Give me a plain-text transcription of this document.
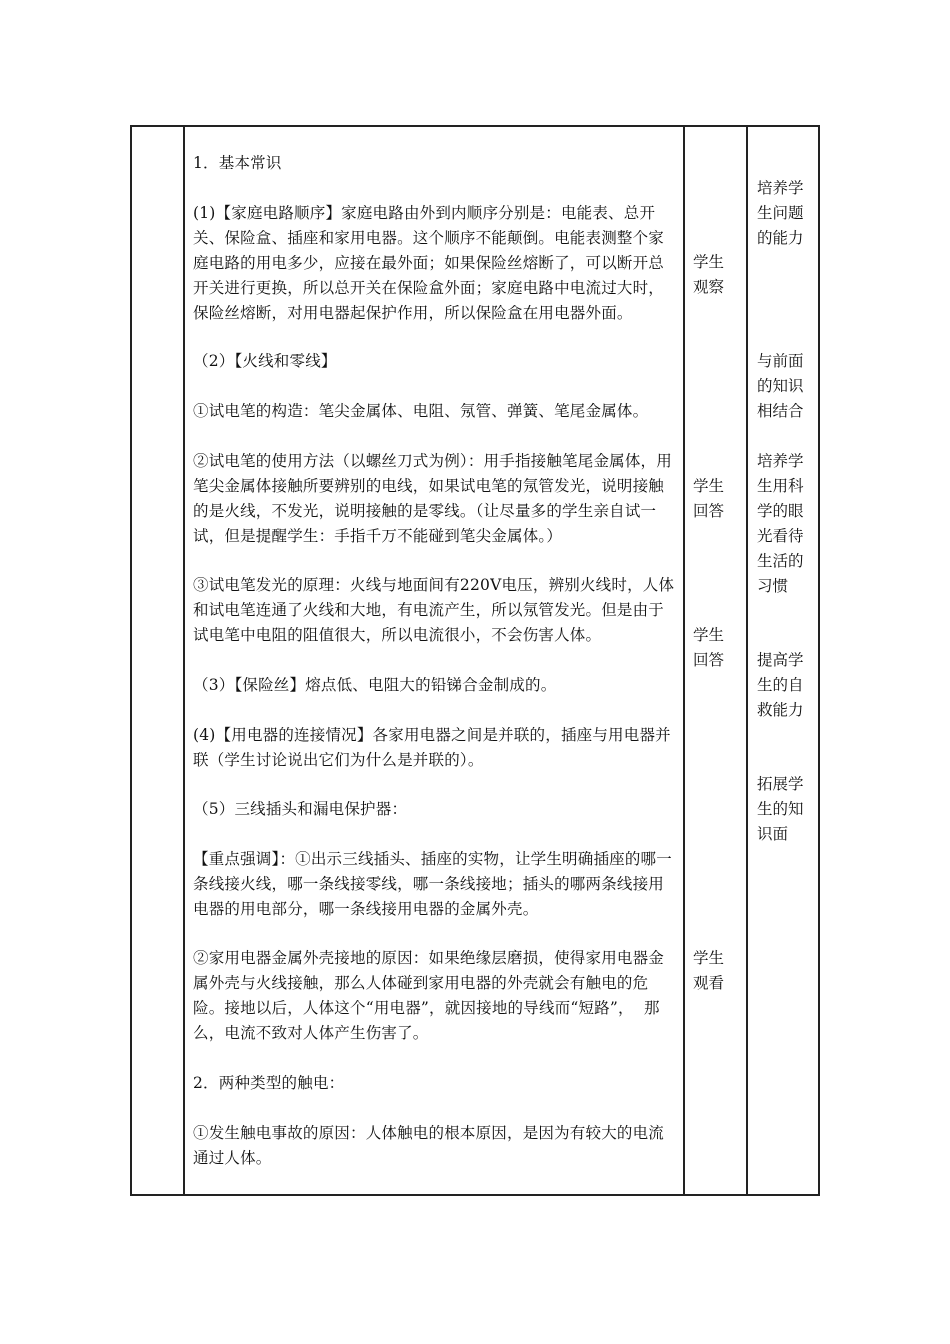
1．基本常识

(1)【家庭电路顺序】家庭电路由外到内顺序分别是：电能表、总开关、保险盒、插座和家用电器。这个顺序不能颠倒。电能表测整个家庭电路的用电多少，应接在最外面；如果保险丝熔断了，可以断开总开关进行更换，所以总开关在保险盒外面；家庭电路中电流过大时，保险丝熔断，对用电器起保护作用，所以保险盒在用电器外面。

（2）【火线和零线】

①试电笔的构造：笔尖金属体、电阻、氖管、弹簧、笔尾金属体。

②试电笔的使用方法（以螺丝刀式为例）：用手指接触笔尾金属体，用笔尖金属体接触所要辨别的电线，如果试电笔的氖管发光，说明接触的是火线，不发光，说明接触的是零线。（让尽量多的学生亲自试一试，但是提醒学生：手指千万不能碰到笔尖金属体。）

③试电笔发光的原理：火线与地面间有220V电压，辨别火线时，人体和试电笔连通了火线和大地，有电流产生，所以氖管发光。但是由于试电笔中电阻的阻值很大，所以电流很小，不会伤害人体。

（3）【保险丝】熔点低、电阻大的铅锑合金制成的。

(4)【用电器的连接情况】各家用电器之间是并联的，插座与用电器并联（学生讨论说出它们为什么是并联的）。

（5）三线插头和漏电保护器：

【重点强调】：①出示三线插头、插座的实物，让学生明确插座的哪一条线接火线，哪一条线接零线，哪一条线接地；插头的哪两条线接用电器的用电部分，哪一条线接用电器的金属外壳。

②家用电器金属外壳接地的原因：如果绝缘层磨损，使得家用电器金属外壳与火线接触，那么人体碰到家用电器的外壳就会有触电的危险。接地以后，人体这个“用电器”，就因接地的导线而“短路”，  那么，电流不致对人体产生伤害了。

2．两种类型的触电：

①发生触电事故的原因：人体触电的根本原因，是因为有较大的电流通过人体。

学生
观察

学生
回答

学生
回答

学生
观看

培养学
生问题
的能力

与前面
的知识
相结合

培养学
生用科
学的眼
光看待
生活的
习惯

提高学
生的自
救能力

拓展学
生的知
识面
